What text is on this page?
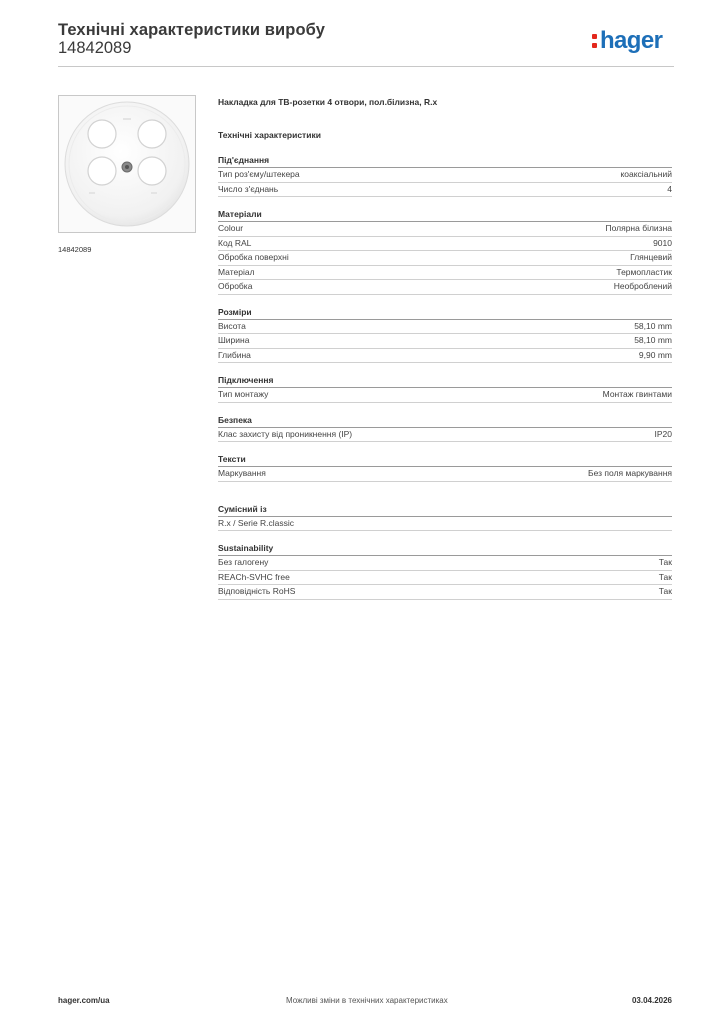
Технічні характеристики виробу
14842089	hager
14842089
Накладка для ТВ-розетки 4 отвори, пол.білизна, R.x
Технічні характеристики
Під'єднання
Тип роз'єму/штекера	коаксіальний
Число з'єднань	4
Матеріали
Colour	Полярна білизна
Код RAL	9010
Обробка поверхні	Глянцевий
Матеріал	Термопластик
Обробка	Необроблений
Розміри
Висота	58,10 mm
Ширина	58,10 mm
Глибина	9,90 mm
Підключення
Тип монтажу	Монтаж гвинтами
Безпека
Клас захисту від проникнення (IP)	IP20
Тексти
Маркування	Без поля маркування
Сумісний із
R.x / Serie R.classic
Sustainability
Без галогену	Так
REACh-SVHC free	Так
Відповідність RoHS	Так
hager.com/ua	Можливі зміни в технічних характеристиках	03.04.2026
